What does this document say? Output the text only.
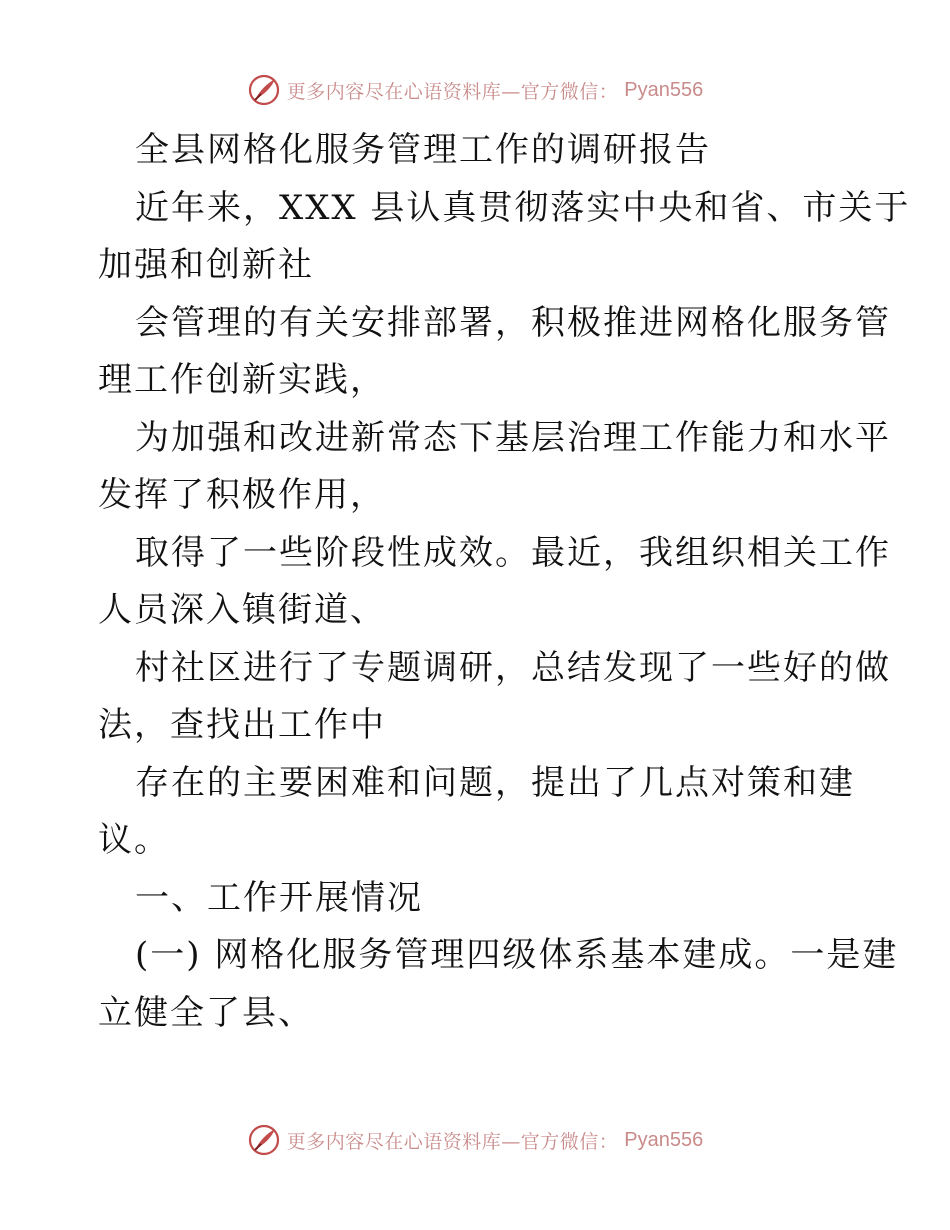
更多内容尽在心语资料库—官方微信： Pyan556
全县网格化服务管理工作的调研报告
近年来，XXX 县认真贯彻落实中央和省、市关于
加强和创新社
会管理的有关安排部署，积极推进网格化服务管
理工作创新实践，
为加强和改进新常态下基层治理工作能力和水平
发挥了积极作用，
取得了一些阶段性成效。最近，我组织相关工作
人员深入镇街道、
村社区进行了专题调研，总结发现了一些好的做
法，查找出工作中
存在的主要困难和问题，提出了几点对策和建
议。
一、工作开展情况
(一) 网格化服务管理四级体系基本建成。一是建
立健全了县、
更多内容尽在心语资料库—官方微信： Pyan556
